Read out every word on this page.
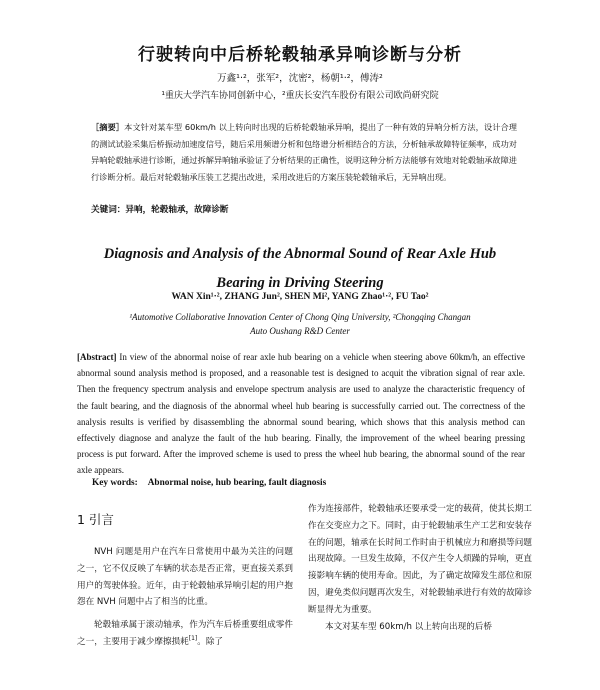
行驶转向中后桥轮毂轴承异响诊断与分析
万鑫¹·²，张军²，沈密²，杨朝¹·²，傅涛²
¹重庆大学汽车协同创新中心，²重庆长安汽车股份有限公司欧尚研究院
［摘要］本文针对某车型 60km/h 以上转向时出现的后桥轮毂轴承异响，提出了一种有效的异响分析方法，设计合理的测试试验采集后桥振动加速度信号，随后采用频谱分析和包络谱分析相结合的方法，分析轴承故障特征频率，成功对异响轮毂轴承进行诊断，通过拆解异响轴承验证了分析结果的正确性，说明这种分析方法能够有效地对轮毂轴承故障进行诊断分析。最后对轮毂轴承压装工艺提出改进，采用改进后的方案压装轮毂轴承后，无异响出现。
关键词：异响，轮毂轴承，故障诊断
Diagnosis and Analysis of the Abnormal Sound of Rear Axle Hub
Bearing in Driving Steering
WAN Xin¹·², ZHANG Jun², SHEN Mi², YANG Zhao¹·², FU Tao²
¹Automotive Collaborative Innovation Center of Chong Qing University, ²Chongqing Changan
Auto Oushang R&D Center
[Abstract] In view of the abnormal noise of rear axle hub bearing on a vehicle when steering above 60km/h, an effective abnormal sound analysis method is proposed, and a reasonable test is designed to acquit the vibration signal of rear axle. Then the frequency spectrum analysis and envelope spectrum analysis are used to analyze the characteristic frequency of the fault bearing, and the diagnosis of the abnormal wheel hub bearing is successfully carried out. The correctness of the analysis results is verified by disassembling the abnormal sound bearing, which shows that this analysis method can effectively diagnose and analyze the fault of the hub bearing. Finally, the improvement of the wheel bearing pressing process is put forward. After the improved scheme is used to press the wheel hub bearing, the abnormal sound of the rear axle appears.
Key words: Abnormal noise, hub bearing, fault diagnosis
1 引言

NVH 问题是用户在汽车日常使用中最为关注的问题之一，它不仅反映了车辆的状态是否正常，更直接关系到用户的驾驶体验。近年，由于轮毂轴承异响引起的用户抱怨在 NVH 问题中占了相当的比重。

轮毂轴承属于滚动轴承，作为汽车后桥重要组成零件之一，主要用于减少摩擦损耗[1]。除了

作为连接部件，轮毂轴承还要承受一定的载荷，使其长期工作在交变应力之下。同时，由于轮毂轴承生产工艺和安装存在的问题，轴承在长时间工作时由于机械应力和磨损等问题出现故障。一旦发生故障，不仅产生令人烦躁的异响，更直接影响车辆的使用寿命。因此，为了确定故障发生部位和原因，避免类似问题再次发生，对轮毂轴承进行有效的故障诊断显得尤为重要。

本文对某车型 60km/h 以上转向出现的后桥
